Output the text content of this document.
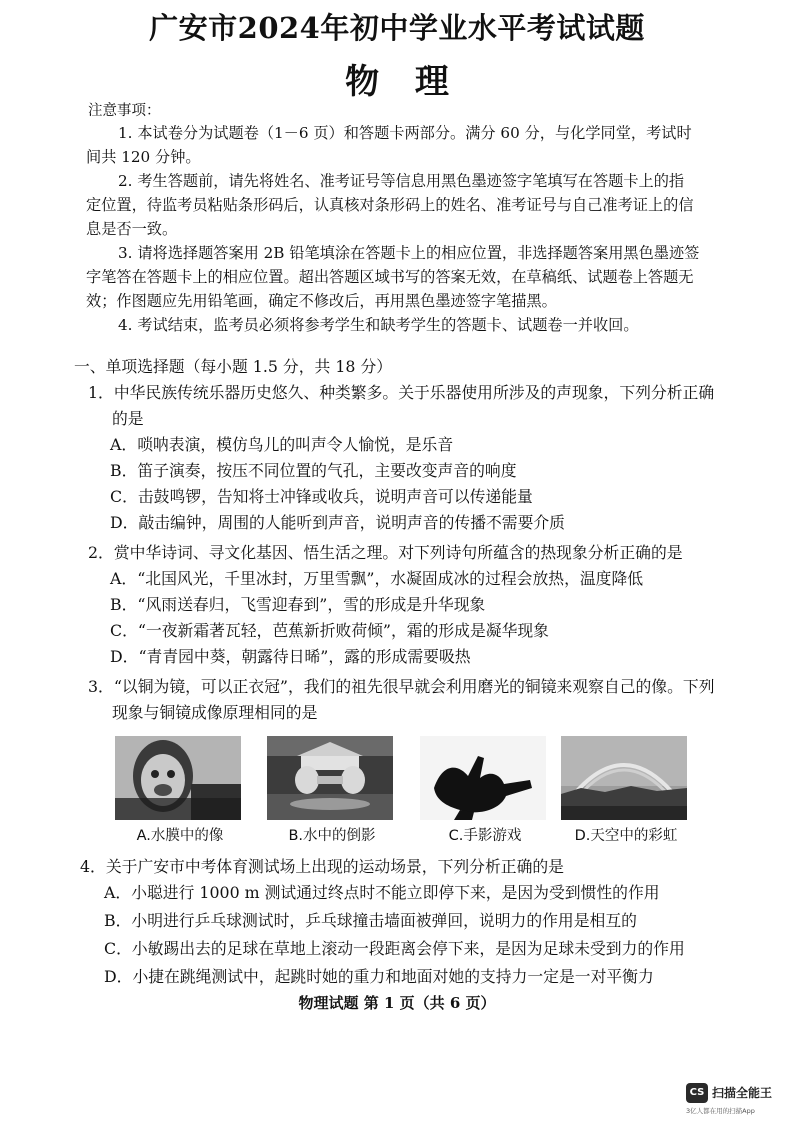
广安市2024年初中学业水平考试试题
物 理
注意事项：
1. 本试卷分为试题卷（1－6 页）和答题卡两部分。满分 60 分，与化学同堂，考试时
间共 120 分钟。
2. 考生答题前，请先将姓名、准考证号等信息用黑色墨迹签字笔填写在答题卡上的指
定位置，待监考员粘贴条形码后，认真核对条形码上的姓名、准考证号与自己准考证上的信
息是否一致。
3. 请将选择题答案用 2B 铅笔填涂在答题卡上的相应位置，非选择题答案用黑色墨迹签
字笔答在答题卡上的相应位置。超出答题区域书写的答案无效，在草稿纸、试题卷上答题无
效；作图题应先用铅笔画，确定不修改后，再用黑色墨迹签字笔描黑。
4. 考试结束，监考员必须将参考学生和缺考学生的答题卡、试题卷一并收回。
一、单项选择题（每小题 1.5 分，共 18 分）
1．中华民族传统乐器历史悠久、种类繁多。关于乐器使用所涉及的声现象，下列分析正确
的是
A．唢呐表演，模仿鸟儿的叫声令人愉悦，是乐音
B．笛子演奏，按压不同位置的气孔，主要改变声音的响度
C．击鼓鸣锣，告知将士冲锋或收兵，说明声音可以传递能量
D．敲击编钟，周围的人能听到声音，说明声音的传播不需要介质
2．赏中华诗词、寻文化基因、悟生活之理。对下列诗句所蕴含的热现象分析正确的是
A．“北国风光，千里冰封，万里雪飘”，水凝固成冰的过程会放热，温度降低
B．“风雨送春归，飞雪迎春到”，雪的形成是升华现象
C．“一夜新霜著瓦轻，芭蕉新折败荷倾”，霜的形成是凝华现象
D．“青青园中葵，朝露待日晞”，露的形成需要吸热
3．“以铜为镜，可以正衣冠”，我们的祖先很早就会利用磨光的铜镜来观察自己的像。下列
现象与铜镜成像原理相同的是
A.水膜中的像	B.水中的倒影	C.手影游戏	D.天空中的彩虹
4．关于广安市中考体育测试场上出现的运动场景，下列分析正确的是
A．小聪进行 1000 m 测试通过终点时不能立即停下来，是因为受到惯性的作用
B．小明进行乒乓球测试时，乒乓球撞击墙面被弹回，说明力的作用是相互的
C．小敏踢出去的足球在草地上滚动一段距离会停下来，是因为足球未受到力的作用
D．小捷在跳绳测试中，起跳时她的重力和地面对她的支持力一定是一对平衡力
物理试题 第 1 页（共 6 页）
CS 扫描全能王
3亿人都在用的扫描App
